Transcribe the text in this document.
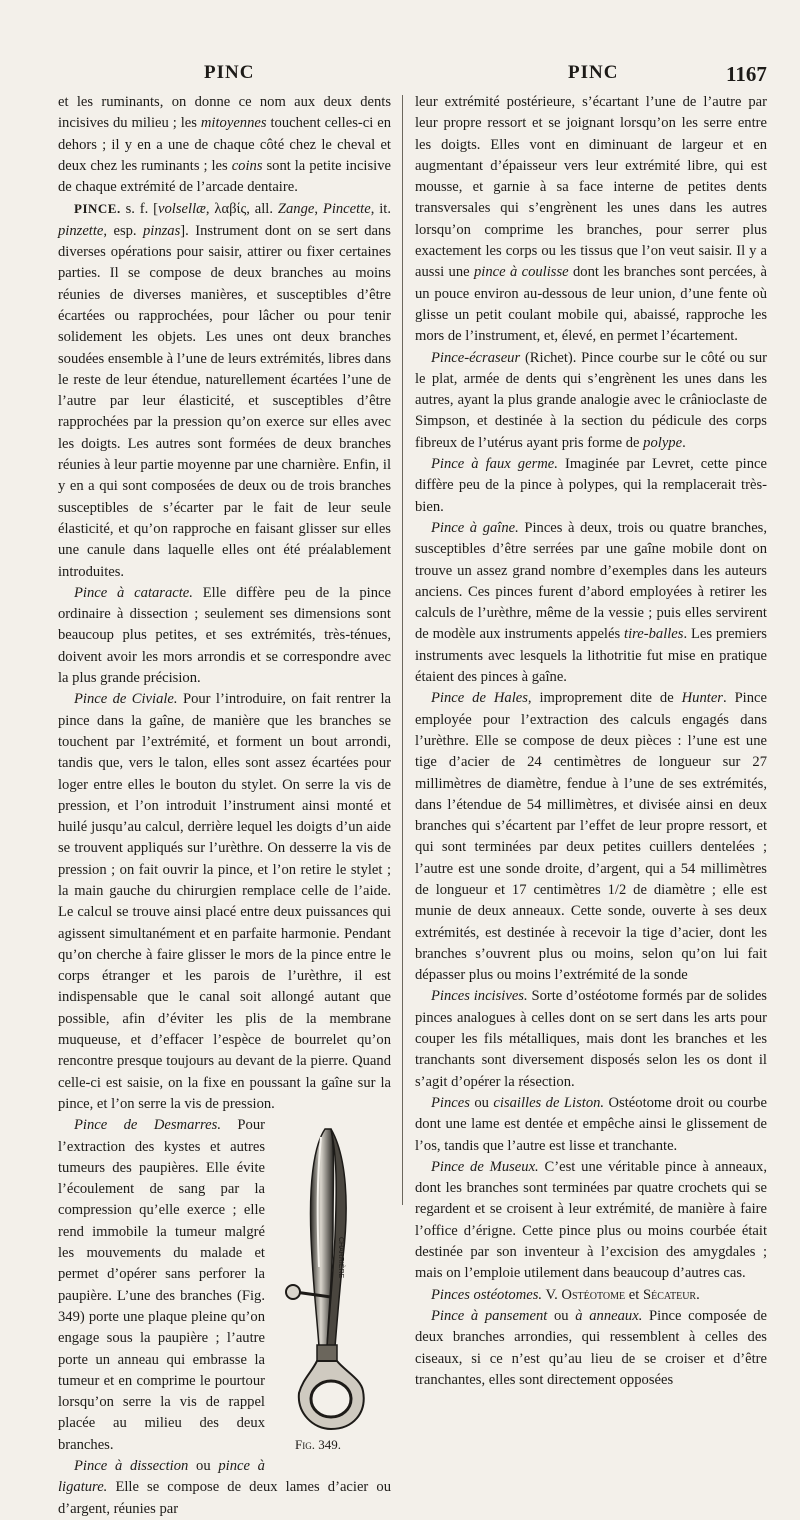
PINC	PINC	1167

et les ruminants, on donne ce nom aux deux dents incisives du milieu ; les mitoyennes touchent celles-ci en dehors ; il y en a une de chaque côté chez le cheval et deux chez les ruminants ; les coins sont la petite incisive de chaque extrémité de l’arcade dentaire.

PINCE. s. f. [volsellæ, λαβίς, all. Zange, Pincette, it. pinzette, esp. pinzas]. Instrument dont on se sert dans diverses opérations pour saisir, attirer ou fixer certaines parties. Il se compose de deux branches au moins réunies de diverses manières, et susceptibles d’être écartées ou rapprochées, pour lâcher ou pour tenir solidement les objets. Les unes ont deux branches soudées ensemble à l’une de leurs extrémités, libres dans le reste de leur étendue, naturellement écartées l’une de l’autre par leur élasticité, et susceptibles d’être rapprochées par la pression qu’on exerce sur elles avec les doigts. Les autres sont formées de deux branches réunies à leur partie moyenne par une charnière. Enfin, il y en a qui sont composées de deux ou de trois branches susceptibles de s’écarter par le fait de leur seule élasticité, et qu’on rapproche en faisant glisser sur elles une canule dans laquelle elles ont été préalablement introduites.

Pince à cataracte. Elle diffère peu de la pince ordinaire à dissection ; seulement ses dimensions sont beaucoup plus petites, et ses extrémités, très-ténues, doivent avoir les mors arrondis et se correspondre avec la plus grande précision.

Pince de Civiale. Pour l’introduire, on fait rentrer la pince dans la gaîne, de manière que les branches se touchent par l’extrémité, et forment un bout arrondi, tandis que, vers le talon, elles sont assez écartées pour loger entre elles le bouton du stylet. On serre la vis de pression, et l’on introduit l’instrument ainsi monté et huilé jusqu’au calcul, derrière lequel les doigts d’un aide se trouvent appliqués sur l’urèthre. On desserre la vis de pression ; on fait ouvrir la pince, et l’on retire le stylet ; la main gauche du chirurgien remplace celle de l’aide. Le calcul se trouve ainsi placé entre deux puissances qui agissent simultanément et en parfaite harmonie. Pendant qu’on cherche à faire glisser le mors de la pince entre le corps étranger et les parois de l’urèthre, il est indispensable que le canal soit allongé autant que possible, afin d’éviter les plis de la membrane muqueuse, et d’effacer l’espèce de bourrelet qu’on rencontre presque toujours au devant de la pierre. Quand celle-ci est saisie, on la fixe en poussant la gaîne sur la pince, et l’on serre la vis de pression.

CHARRIÈRE
Fig. 349.

Pince de Desmarres. Pour l’extraction des kystes et autres tumeurs des paupières. Elle évite l’écoulement de sang par la compression qu’elle exerce ; elle rend immobile la tumeur malgré les mouvements du malade et permet d’opérer sans perforer la paupière. L’une des branches (Fig. 349) porte une plaque pleine qu’on engage sous la paupière ; l’autre porte un anneau qui embrasse la tumeur et en comprime le pourtour lorsqu’on serre la vis de rappel placée au milieu des deux branches.

Pince à dissection ou pince à ligature. Elle se compose de deux lames d’acier ou d’argent, réunies par

leur extrémité postérieure, s’écartant l’une de l’autre par leur propre ressort et se joignant lorsqu’on les serre entre les doigts. Elles vont en diminuant de largeur et en augmentant d’épaisseur vers leur extrémité libre, qui est mousse, et garnie à sa face interne de petites dents transversales qui s’engrènent les unes dans les autres lorsqu’on comprime les branches, pour serrer plus exactement les corps ou les tissus que l’on veut saisir. Il y a aussi une pince à coulisse dont les branches sont percées, à un pouce environ au-dessous de leur union, d’une fente où glisse un petit coulant mobile qui, abaissé, rapproche les mors de l’instrument, et, élevé, en permet l’écartement.

Pince-écraseur (Richet). Pince courbe sur le côté ou sur le plat, armée de dents qui s’engrènent les unes dans les autres, ayant la plus grande analogie avec le crânioclaste de Simpson, et destinée à la section du pédicule des corps fibreux de l’utérus ayant pris forme de polype.

Pince à faux germe. Imaginée par Levret, cette pince diffère peu de la pince à polypes, qui la remplacerait très-bien.

Pince à gaîne. Pinces à deux, trois ou quatre branches, susceptibles d’être serrées par une gaîne mobile dont on trouve un assez grand nombre d’exemples dans les auteurs anciens. Ces pinces furent d’abord employées à retirer les calculs de l’urèthre, même de la vessie ; puis elles servirent de modèle aux instruments appelés tire-balles. Les premiers instruments avec lesquels la lithotritie fut mise en pratique étaient des pinces à gaîne.

Pince de Hales, improprement dite de Hunter. Pince employée pour l’extraction des calculs engagés dans l’urèthre. Elle se compose de deux pièces : l’une est une tige d’acier de 24 centimètres de longueur sur 27 millimètres de diamètre, fendue à l’une de ses extrémités, dans l’étendue de 54 millimètres, et divisée ainsi en deux branches qui s’écartent par l’effet de leur propre ressort, et qui sont terminées par deux petites cuillers dentelées ; l’autre est une sonde droite, d’argent, qui a 54 millimètres de longueur et 17 centimètres 1/2 de diamètre ; elle est munie de deux anneaux. Cette sonde, ouverte à ses deux extrémités, est destinée à recevoir la tige d’acier, dont les branches s’ouvrent plus ou moins, selon qu’on lui fait dépasser plus ou moins l’extrémité de la sonde

Pinces incisives. Sorte d’ostéotome formés par de solides pinces analogues à celles dont on se sert dans les arts pour couper les fils métalliques, mais dont les branches et les tranchants sont diversement disposés selon les os dont il s’agit d’opérer la résection.

Pinces ou cisailles de Liston. Ostéotome droit ou courbe dont une lame est dentée et empêche ainsi le glissement de l’os, tandis que l’autre est lisse et tranchante.

Pince de Museux. C’est une véritable pince à anneaux, dont les branches sont terminées par quatre crochets qui se regardent et se croisent à leur extrémité, de manière à faire l’office d’érigne. Cette pince plus ou moins courbée était destinée par son inventeur à l’excision des amygdales ; mais on l’emploie utilement dans beaucoup d’autres cas.

Pinces ostéotomes. V. Ostéotome et Sécateur.

Pince à pansement ou à anneaux. Pince composée de deux branches arrondies, qui ressemblent à celles des ciseaux, si ce n’est qu’au lieu de se croiser et d’être tranchantes, elles sont directement opposées
